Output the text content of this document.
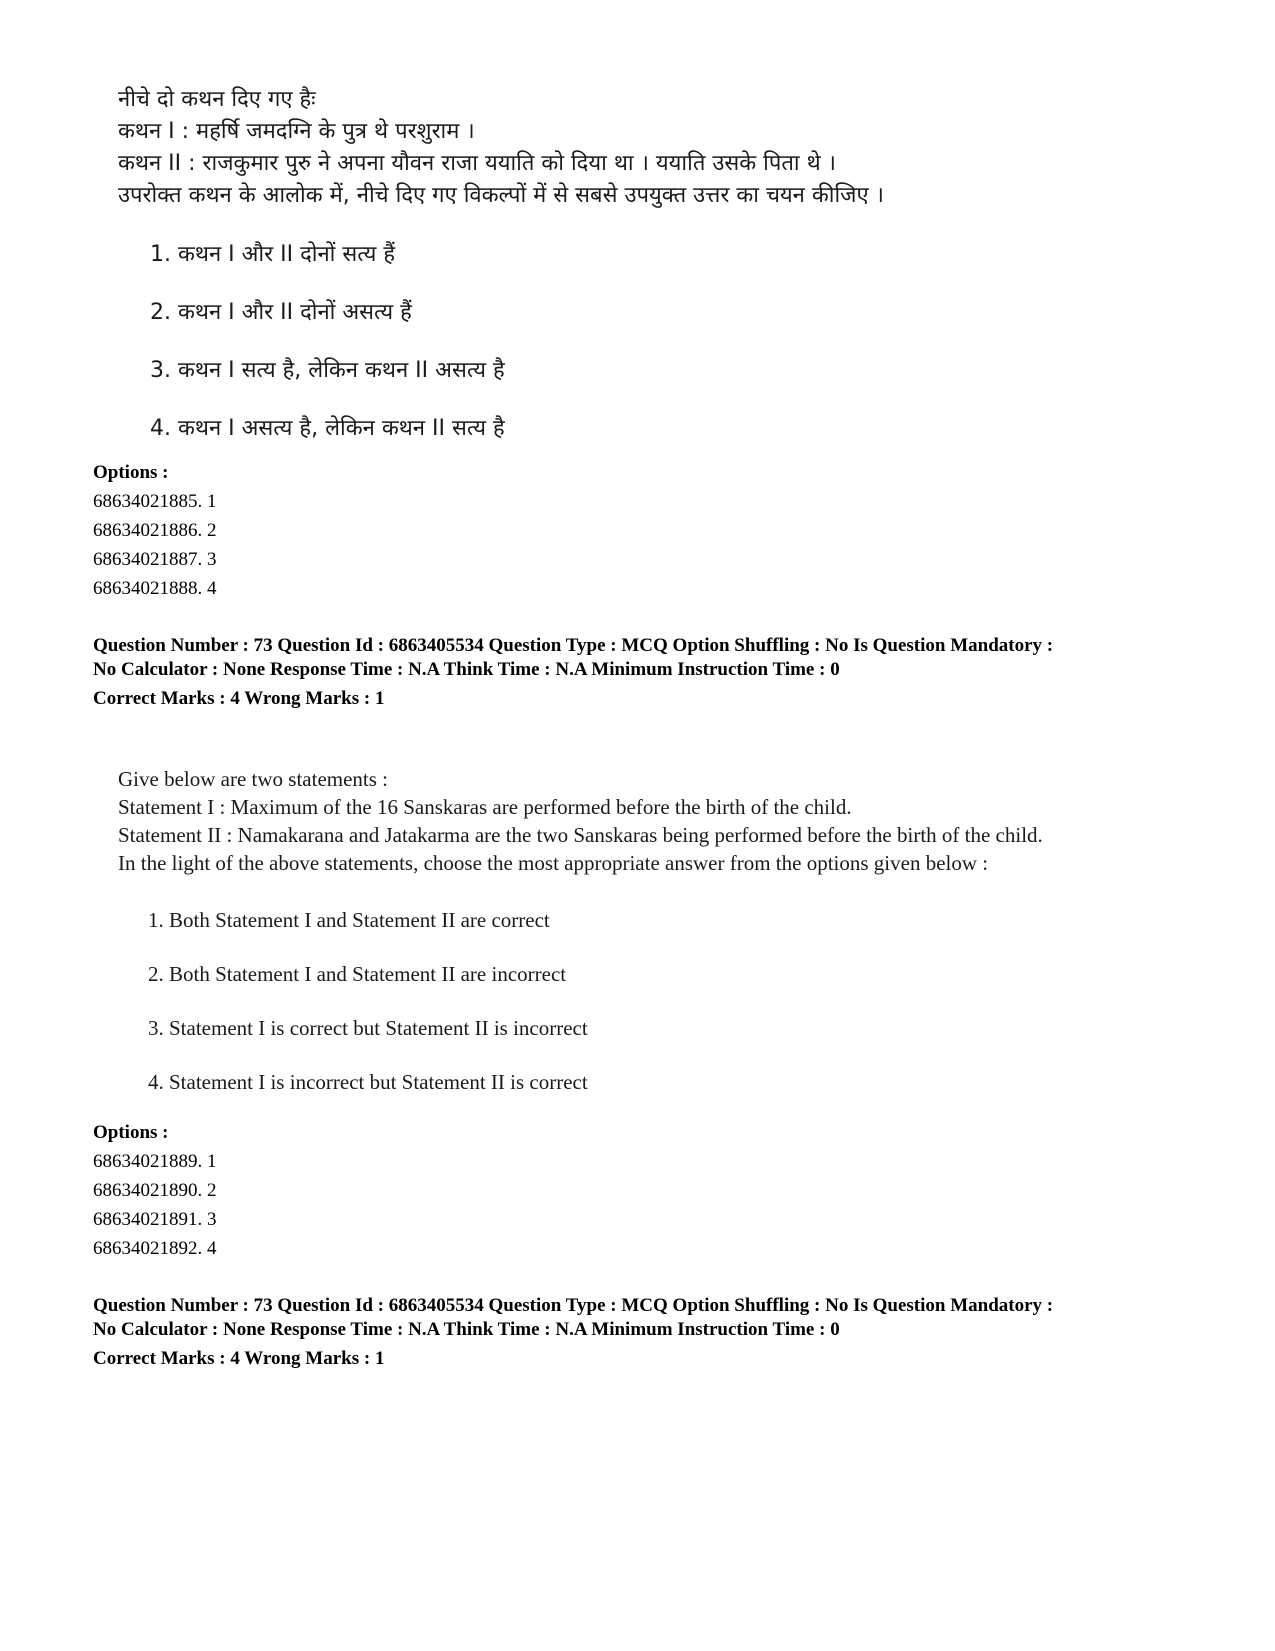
नीचे दो कथन दिए गए हैः
कथन I : महर्षि जमदग्नि के पुत्र थे परशुराम ।
कथन II : राजकुमार पुरु ने अपना यौवन राजा ययाति को दिया था । ययाति उसके पिता थे ।
उपरोक्त कथन के आलोक में, नीचे दिए गए विकल्पों में से सबसे उपयुक्त उत्तर का चयन कीजिए ।
1. कथन I और II दोनों सत्य हैं
2. कथन I और II दोनों असत्य हैं
3. कथन I सत्य है, लेकिन कथन II असत्य है
4. कथन I असत्य है, लेकिन कथन II सत्य है
Options :
68634021885. 1
68634021886. 2
68634021887. 3
68634021888. 4
Question Number : 73 Question Id : 6863405534 Question Type : MCQ Option Shuffling : No Is Question Mandatory :
No Calculator : None Response Time : N.A Think Time : N.A Minimum Instruction Time : 0
Correct Marks : 4 Wrong Marks : 1
Give below are two statements :
Statement I : Maximum of the 16 Sanskaras are performed before the birth of the child.
Statement II : Namakarana and Jatakarma are the two Sanskaras being performed before the birth of the child.
In the light of the above statements, choose the most appropriate answer from the options given below :
1. Both Statement I and Statement II are correct
2. Both Statement I and Statement II are incorrect
3. Statement I is correct but Statement II is incorrect
4. Statement I is incorrect but Statement II is correct
Options :
68634021889. 1
68634021890. 2
68634021891. 3
68634021892. 4
Question Number : 73 Question Id : 6863405534 Question Type : MCQ Option Shuffling : No Is Question Mandatory :
No Calculator : None Response Time : N.A Think Time : N.A Minimum Instruction Time : 0
Correct Marks : 4 Wrong Marks : 1
